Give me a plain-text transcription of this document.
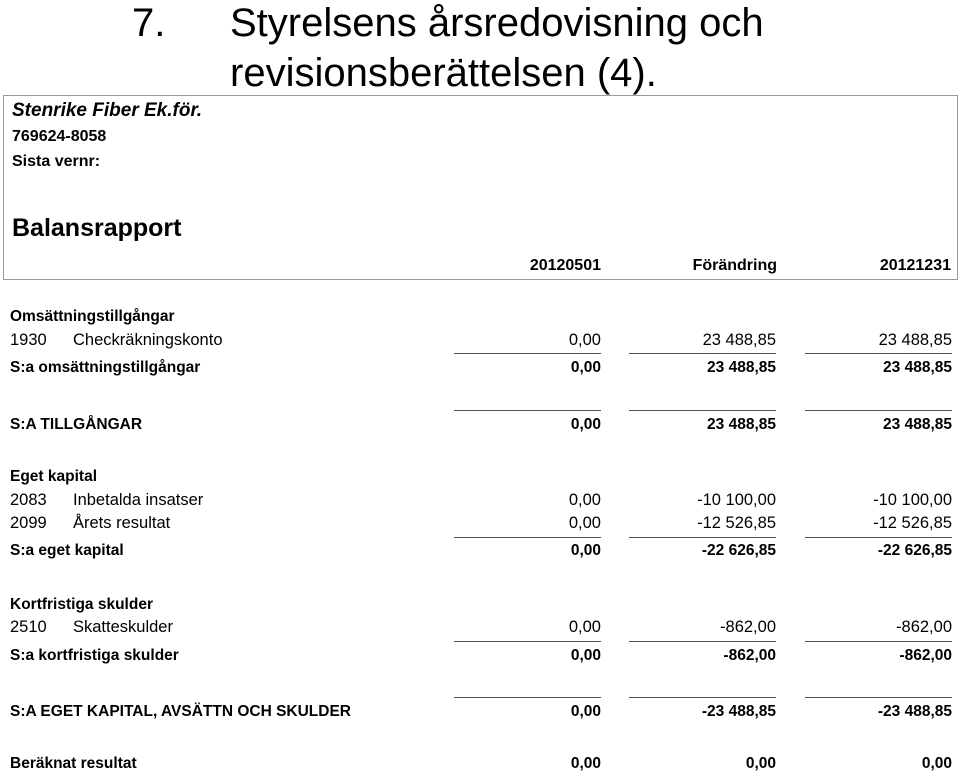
7. Styrelsens årsredovisning och
revisionsberättelsen (4).
Stenrike Fiber Ek.för.
769624-8058
Sista vernr:
Balansrapport
20120501	Förändring	20121231
Omsättningstillgångar
1930 Checkräkningskonto	0,00	23 488,85	23 488,85
S:a omsättningstillgångar	0,00	23 488,85	23 488,85
S:A TILLGÅNGAR	0,00	23 488,85	23 488,85
Eget kapital
2083 Inbetalda insatser	0,00	-10 100,00	-10 100,00
2099 Årets resultat	0,00	-12 526,85	-12 526,85
S:a eget kapital	0,00	-22 626,85	-22 626,85
Kortfristiga skulder
2510 Skatteskulder	0,00	-862,00	-862,00
S:a kortfristiga skulder	0,00	-862,00	-862,00
S:A EGET KAPITAL, AVSÄTTN OCH SKULDER	0,00	-23 488,85	-23 488,85
Beräknat resultat	0,00	0,00	0,00
